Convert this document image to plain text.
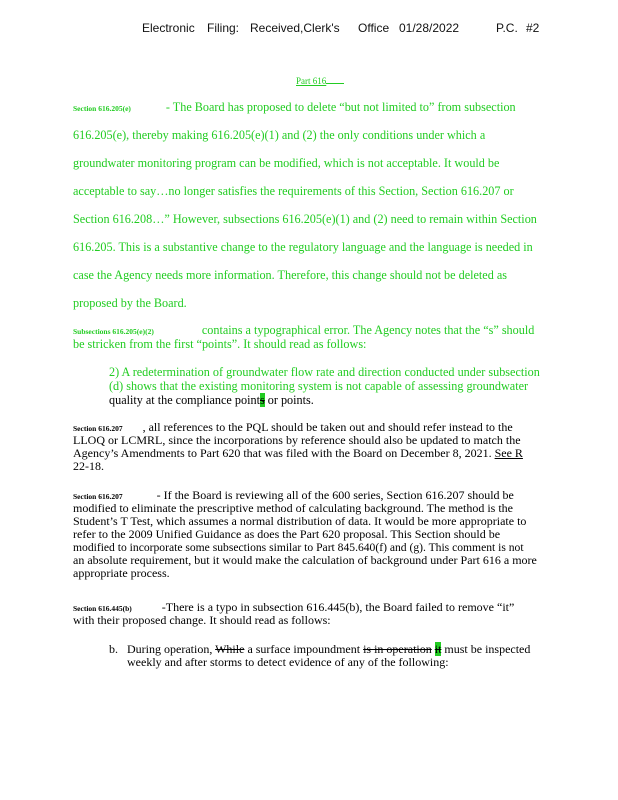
Electronic Filing: Received,Clerk's Office 01/28/2022	P.C. #2
Part 616
Section 616.205(e)	- The Board has proposed to delete “but not limited to” from subsection
616.205(e), thereby making 616.205(e)(1) and (2) the only conditions under which a
groundwater monitoring program can be modified, which is not acceptable. It would be
acceptable to say…no longer satisfies the requirements of this Section, Section 616.207 or
Section 616.208…” However, subsections 616.205(e)(1) and (2) need to remain within Section
616.205. This is a substantive change to the regulatory language and the language is needed in
case the Agency needs more information. Therefore, this change should not be deleted as
proposed by the Board.
Subsections 616.205(e)(2)	contains a typographical error. The Agency notes that the “s” should
be stricken from the first “points”. It should read as follows:
2) A redetermination of groundwater flow rate and direction conducted under subsection
(d) shows that the existing monitoring system is not capable of assessing groundwater
quality at the compliance points or points.
Section 616.207 , all references to the PQL should be taken out and should refer instead to the
LLOQ or LCMRL, since the incorporations by reference should also be updated to match the
Agency’s Amendments to Part 620 that was filed with the Board on December 8, 2021. See R
22-18.
Section 616.207	- If the Board is reviewing all of the 600 series, Section 616.207 should be
modified to eliminate the prescriptive method of calculating background. The method is the
Student’s T Test, which assumes a normal distribution of data. It would be more appropriate to
refer to the 2009 Unified Guidance as does the Part 620 proposal. This Section should be
modified to incorporate some subsections similar to Part 845.640(f) and (g). This comment is not
an absolute requirement, but it would make the calculation of background under Part 616 a more
appropriate process.
Section 616.445(b)	-There is a typo in subsection 616.445(b), the Board failed to remove “it”
with their proposed change. It should read as follows:
b. During operation, While a surface impoundment is in operation it must be inspected
weekly and after storms to detect evidence of any of the following:
